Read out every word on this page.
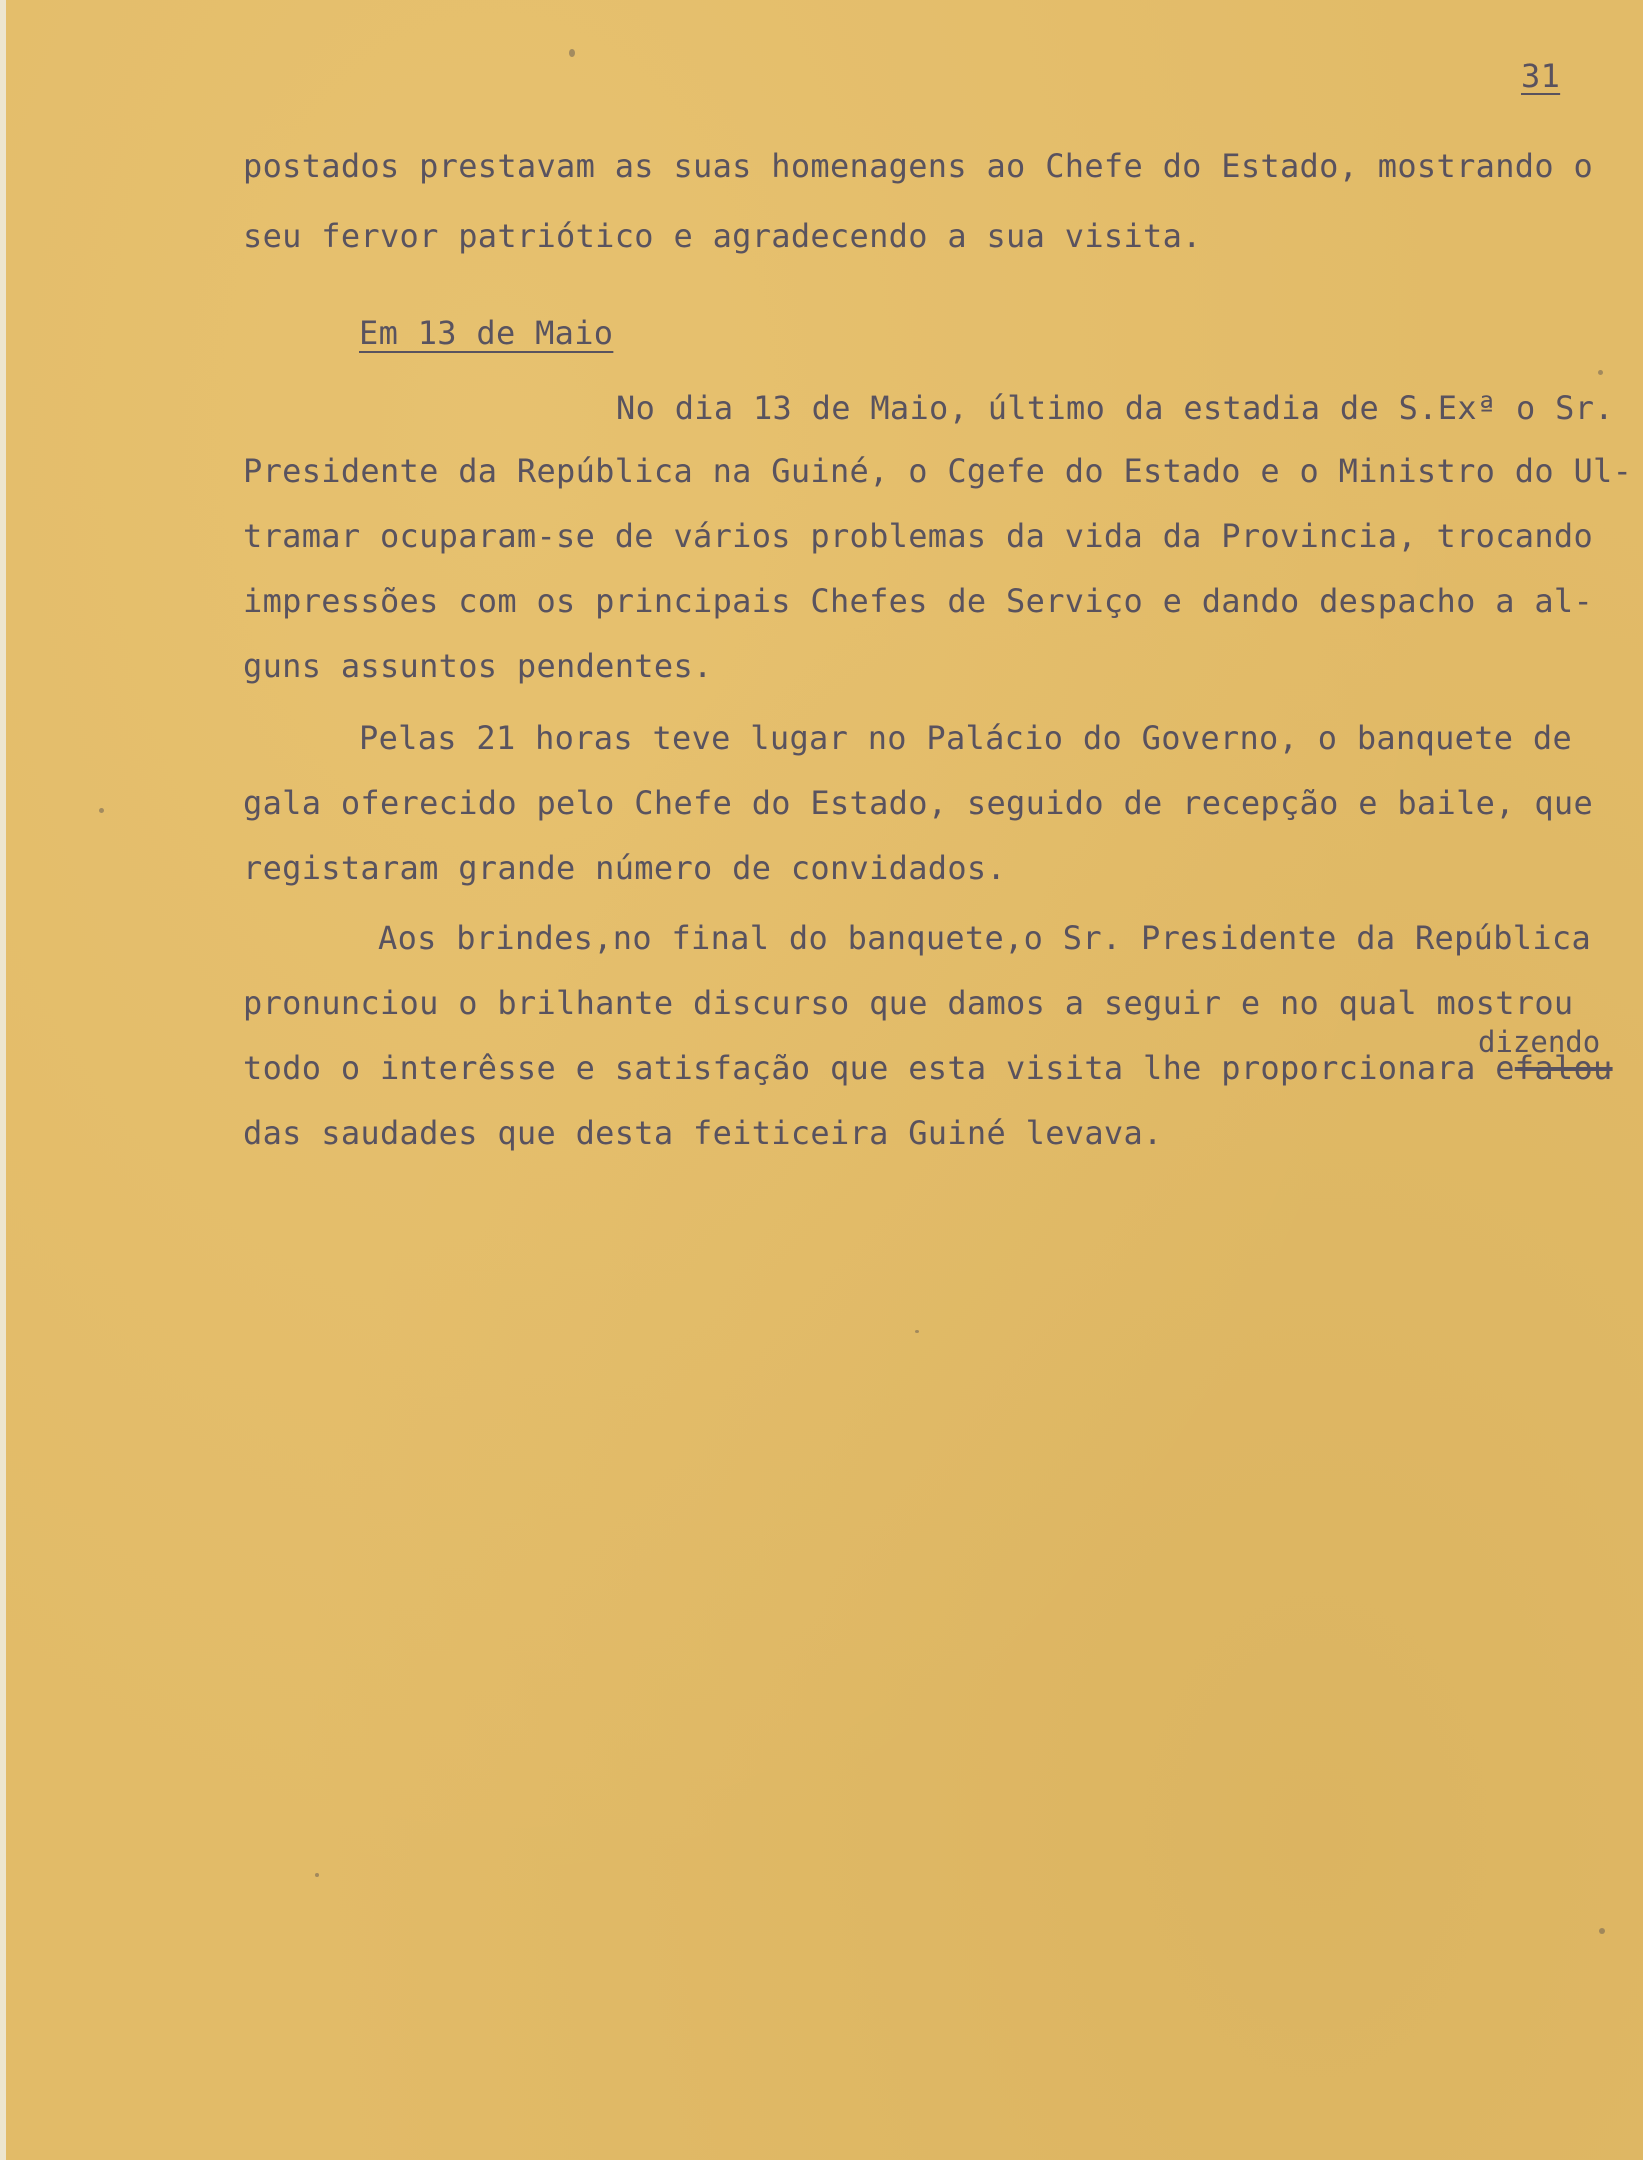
31
postados prestavam as suas homenagens ao Chefe do Estado, mostrando o
seu fervor patriótico e agradecendo a sua visita.
Em 13 de Maio
No dia 13 de Maio, último da estadia de S.Exª o Sr.
Presidente da República na Guiné, o Cgefe do Estado e o Ministro do Ul-
tramar ocuparam-se de vários problemas da vida da Provincia, trocando
impressões com os principais Chefes de Serviço e dando despacho a al-
guns assuntos pendentes.
Pelas 21 horas teve lugar no Palácio do Governo, o banquete de
gala oferecido pelo Chefe do Estado, seguido de recepção e baile, que
registaram grande número de convidados.
Aos brindes,no final do banquete,o Sr. Presidente da República
pronunciou o brilhante discurso que damos a seguir e no qual mostrou
dizendo
todo o interêsse e satisfação que esta visita lhe proporcionara efalou
das saudades que desta feiticeira Guiné levava.
